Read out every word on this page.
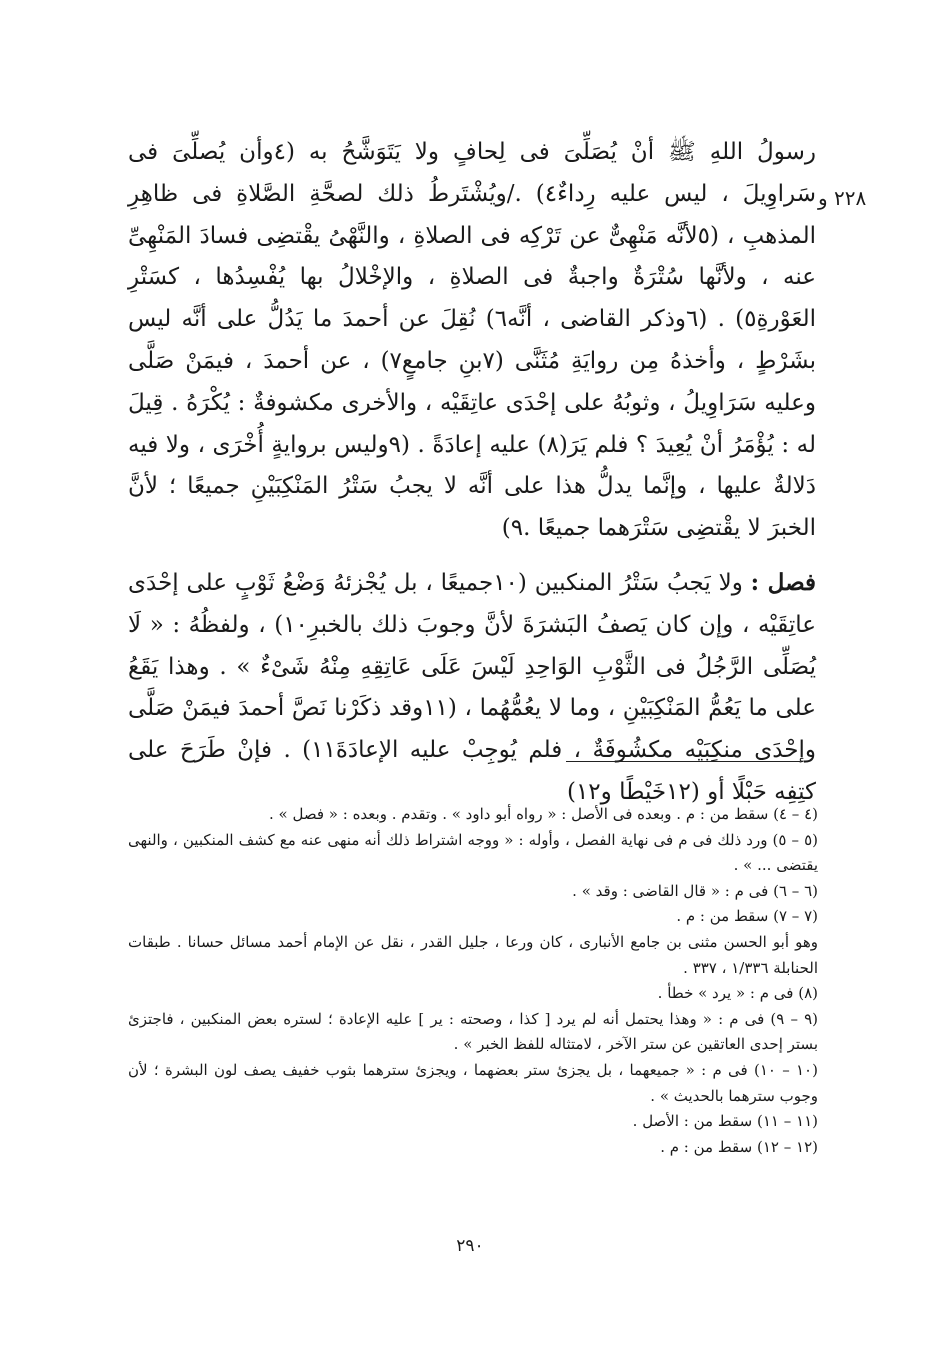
٢٢٨ و

رسولُ اللهِ ﷺ أنْ يُصَلِّىَ فى لِحافٍ ولا يَتَوَشَّحُ به (٤وأن يُصلِّىَ فى سَراوِيلَ ، ليس عليه رِداءٌ٤) ./ويُشْتَرطُ ذلك لصحَّةِ الصَّلاةِ فى ظاهِرِ المذهبِ ، (٥لأنَّه مَنْهِىٌّ عن تَرْكِه فى الصلاةِ ، والنَّهْىُ يقْتضِى فسادَ المَنْهِىِّ عنه ، ولأنَّها سُتْرَةٌ واجبةٌ فى الصلاةِ ، والإخْلالُ بها يُفْسِدُها ، كسَتْرِ العَوْرةِ٥) . (٦وذكر القاضى ، أنَّه٦) نُقِلَ عن أحمدَ ما يَدُلُّ على أنَّه ليس بشَرْطٍ ، وأخذهُ مِن روايَةِ مُثَنَّى (٧بنِ جامعٍ٧) ، عن أحمدَ ، فيمَنْ صَلَّى وعليه سَرَاوِيلُ ، وثوبُهُ على إحْدَى عاتِقَيْه ، والأخرى مكشوفةٌ : يُكْرَهُ . قِيلَ له : يُؤْمَرُ أنْ يُعِيدَ ؟ فلم يَرَ(٨) عليه إعادَةً . (٩وليس بروايةٍ أُخْرَى ، ولا فيه دَلالةٌ عليها ، وإنَّما يدلُّ هذا على أنَّه لا يجبُ سَتْرُ المَنْكِبَيْنِ جميعًا ؛ لأنَّ الخبرَ لا يقْتضِى سَتْرَهما جميعًا .٩)

فصل : ولا يَجبُ سَتْرُ المنكبين (١٠جميعًا ، بل يُجْزئهُ وَضْعُ ثَوْبٍ على إحْدَى عاتِقَيْه ، وإن كان يَصفُ البَشرَةَ لأنَّ وجوبَ ذلك بالخبرِ١٠) ، ولفظُهُ : « لَا يُصَلِّى الرَّجُلُ فى الثَّوْبِ الوَاحِدِ لَيْسَ عَلَى عَاتِقِهِ مِنْهُ شَىْءٌ » . وهذا يَقَعُ على ما يَعُمُّ المَنْكِبَيْنِ ، وما لا يعُمُّهُما ، (١١وقد ذكَرْنا نَصَّ أحمدَ فيمَنْ صَلَّى وإحْدَى منكِبَيْه مكشُوفَةٌ ، فلم يُوجِبْ عليه الإعادَةَ١١) . فإنْ طَرَحَ على كتِفِه حَبْلًا أو (١٢خَيْطًا و١٢)

(٤ – ٤) سقط من : م . وبعده فى الأصل : « رواه أبو داود » . وتقدم . وبعده : « فصل » .

(٥ – ٥) ورد ذلك فى م فى نهاية الفصل ، وأوله : « ووجه اشتراط ذلك أنه منهى عنه مع كشف المنكبين ، والنهى يقتضى ... » .

(٦ – ٦) فى م : « قال القاضى : وقد » .

(٧ – ٧) سقط من : م .

وهو أبو الحسن مثنى بن جامع الأنبارى ، كان ورعا ، جليل القدر ، نقل عن الإمام أحمد مسائل حسانا . طبقات الحنابلة ١/٣٣٦ ، ٣٣٧ .

(٨) فى م : « يرد » خطأ .

(٩ – ٩) فى م : « وهذا يحتمل أنه لم يرد [ كذا ، وصحته : ير ] عليه الإعادة ؛ لستره بعض المنكبين ، فاجتزئ بستر إحدى العاتقين عن ستر الآخر ، لامتثاله للفظ الخبر » .

(١٠ – ١٠) فى م : « جميعهما ، بل يجزئ ستر بعضهما ، ويجزئ سترهما بثوب خفيف يصف لون البشرة ؛ لأن وجوب سترهما بالحديث » .

(١١ – ١١) سقط من : الأصل .

(١٢ – ١٢) سقط من : م .

٢٩٠
